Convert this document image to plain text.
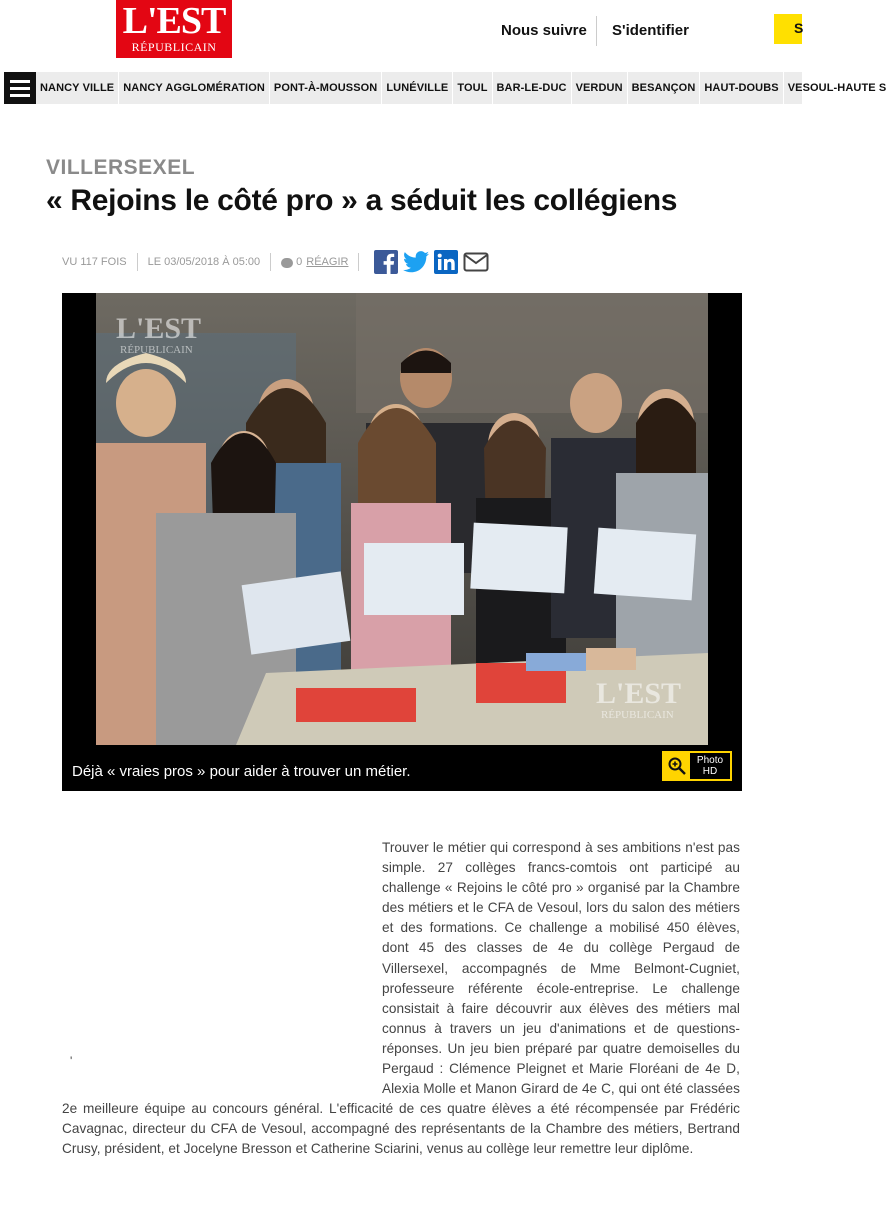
L'EST
RÉPUBLICAIN
Nous suivre S'identifier	S
NANCY VILLE NANCY AGGLOMÉRATION PONT-À-MOUSSON LUNÉVILLE TOUL BAR-LE-DUC VERDUN BESANÇON HAUT-DOUBS VESOUL-HAUTE S
VILLERSEXEL
« Rejoins le côté pro » a séduit les collégiens
VU 117 FOIS LE 03/05/2018 À 05:00	0 RÉAGIR
L'EST
RÉPUBLICAIN
L'EST
RÉPUBLICAIN
Déjà « vraies pros » pour aider à trouver un métier.
Photo
HD
'
Trouver le métier qui correspond à ses ambitions n'est pas simple. 27 collèges francs-comtois ont participé au challenge « Rejoins le côté pro » organisé par la Chambre des métiers et le CFA de Vesoul, lors du salon des métiers et des formations. Ce challenge a mobilisé 450 élèves, dont 45 des classes de 4e du collège Pergaud de Villersexel, accompagnés de Mme Belmont-Cugniet, professeure référente école-entreprise. Le challenge consistait à faire découvrir aux élèves des métiers mal connus à travers un jeu d'animations et de questions-réponses. Un jeu bien préparé par quatre demoiselles du Pergaud : Clémence Pleignet et Marie Floréani de 4e D, Alexia Molle et Manon Girard de 4e C, qui ont été classées 2e meilleure équipe au concours général. L'efficacité de ces quatre élèves a été récompensée par Frédéric Cavagnac, directeur du CFA de Vesoul, accompagné des représentants de la Chambre des métiers, Bertrand Crusy, président, et Jocelyne Bresson et Catherine Sciarini, venus au collège leur remettre leur diplôme.
